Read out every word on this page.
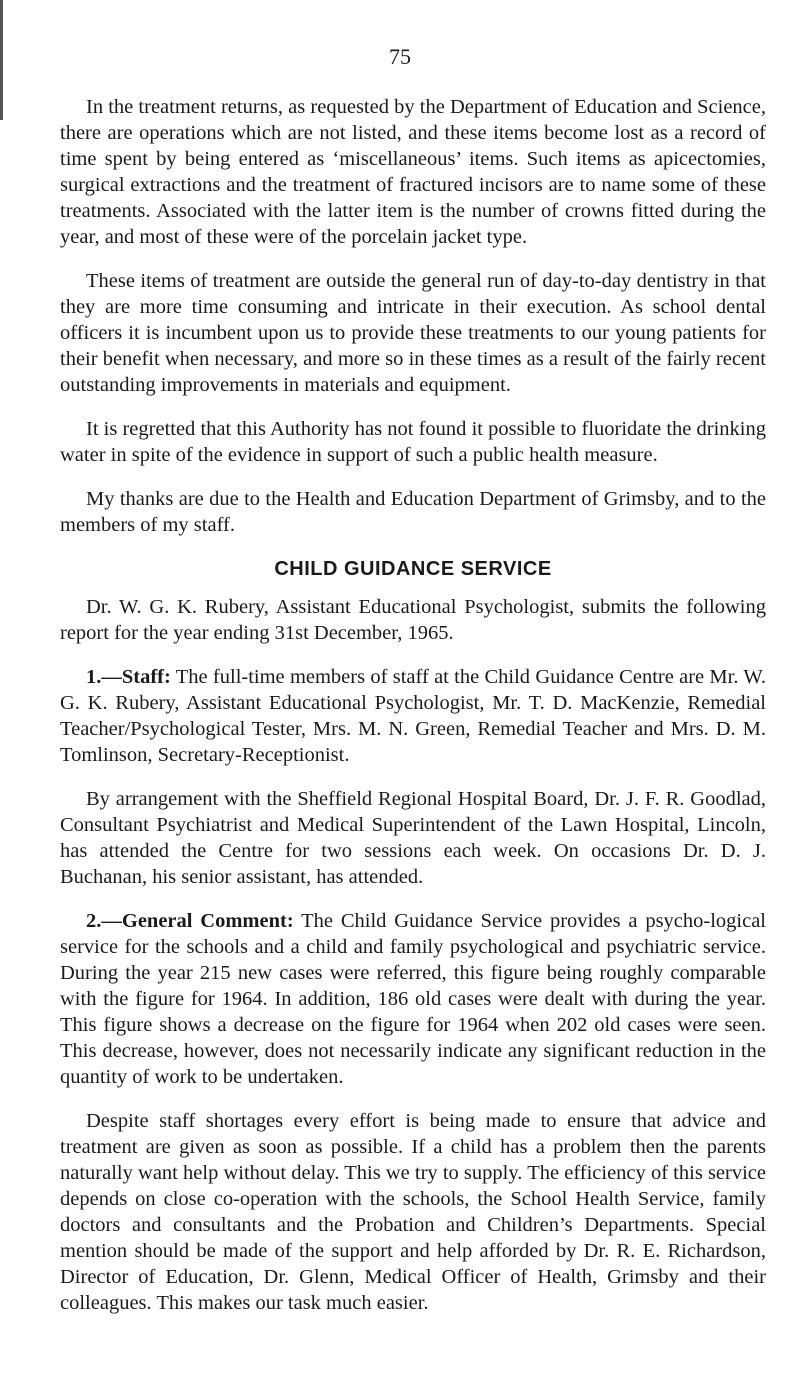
75

In the treatment returns, as requested by the Department of Education and Science, there are operations which are not listed, and these items become lost as a record of time spent by being entered as ‘miscellaneous’ items. Such items as apicectomies, surgical extractions and the treatment of fractured incisors are to name some of these treatments. Associated with the latter item is the number of crowns fitted during the year, and most of these were of the porcelain jacket type.

These items of treatment are outside the general run of day-to-day dentistry in that they are more time consuming and intricate in their execution. As school dental officers it is incumbent upon us to provide these treatments to our young patients for their benefit when necessary, and more so in these times as a result of the fairly recent outstanding improvements in materials and equipment.

It is regretted that this Authority has not found it possible to fluoridate the drinking water in spite of the evidence in support of such a public health measure.

My thanks are due to the Health and Education Department of Grimsby, and to the members of my staff.

CHILD GUIDANCE SERVICE

Dr. W. G. K. Rubery, Assistant Educational Psychologist, submits the following report for the year ending 31st December, 1965.

1.—Staff: The full-time members of staff at the Child Guidance Centre are Mr. W. G. K. Rubery, Assistant Educational Psychologist, Mr. T. D. MacKenzie, Remedial Teacher/Psychological Tester, Mrs. M. N. Green, Remedial Teacher and Mrs. D. M. Tomlinson, Secretary-Receptionist.

By arrangement with the Sheffield Regional Hospital Board, Dr. J. F. R. Goodlad, Consultant Psychiatrist and Medical Superintendent of the Lawn Hospital, Lincoln, has attended the Centre for two sessions each week. On occasions Dr. D. J. Buchanan, his senior assistant, has attended.

2.—General Comment: The Child Guidance Service provides a psycho-logical service for the schools and a child and family psychological and psychiatric service. During the year 215 new cases were referred, this figure being roughly comparable with the figure for 1964. In addition, 186 old cases were dealt with during the year. This figure shows a decrease on the figure for 1964 when 202 old cases were seen. This decrease, however, does not necessarily indicate any significant reduction in the quantity of work to be undertaken.

Despite staff shortages every effort is being made to ensure that advice and treatment are given as soon as possible. If a child has a problem then the parents naturally want help without delay. This we try to supply. The efficiency of this service depends on close co-operation with the schools, the School Health Service, family doctors and consultants and the Probation and Children’s Departments. Special mention should be made of the support and help afforded by Dr. R. E. Richardson, Director of Education, Dr. Glenn, Medical Officer of Health, Grimsby and their colleagues. This makes our task much easier.
